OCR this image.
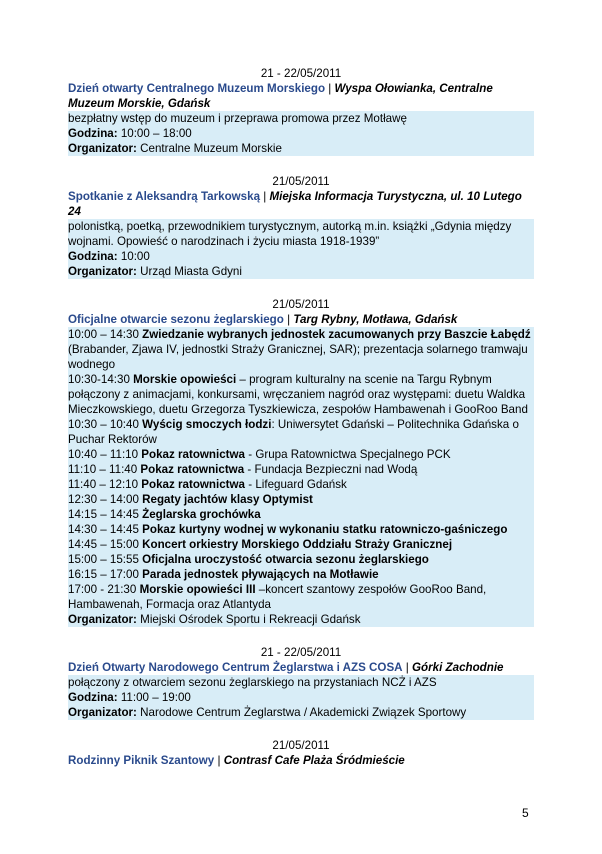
21 - 22/05/2011
Dzień otwarty Centralnego Muzeum Morskiego | Wyspa Ołowianka, Centralne Muzeum Morskie, Gdańsk
bezpłatny wstęp do muzeum i przeprawa promowa przez Motławę
Godzina: 10:00 – 18:00
Organizator: Centralne Muzeum Morskie
21/05/2011
Spotkanie z Aleksandrą Tarkowską | Miejska Informacja Turystyczna, ul. 10 Lutego 24
polonistką, poetką, przewodnikiem turystycznym, autorką m.in. książki „Gdynia między wojnami. Opowieść o narodzinach i życiu miasta 1918-1939”
Godzina: 10:00
Organizator: Urząd Miasta Gdyni
21/05/2011
Oficjalne otwarcie sezonu żeglarskiego | Targ Rybny, Motława, Gdańsk
10:00 – 14:30 Zwiedzanie wybranych jednostek zacumowanych przy Baszcie Łabędź (Brabander, Zjawa IV, jednostki Straży Granicznej, SAR); prezentacja solarnego tramwaju wodnego
10:30-14:30 Morskie opowieści – program kulturalny na scenie na Targu Rybnym połączony z animacjami, konkursami, wręczaniem nagród oraz występami: duetu Waldka Mieczkowskiego, duetu Grzegorza Tyszkiewicza, zespołów Hambawenah i GooRoo Band
10:30 – 10:40 Wyścig smoczych łodzi: Uniwersytet Gdański – Politechnika Gdańska o Puchar Rektorów
10:40 – 11:10 Pokaz ratownictwa - Grupa Ratownictwa Specjalnego PCK
11:10 – 11:40 Pokaz ratownictwa - Fundacja Bezpieczni nad Wodą
11:40 – 12:10 Pokaz ratownictwa - Lifeguard Gdańsk
12:30 – 14:00 Regaty jachtów klasy Optymist
14:15 – 14:45 Żeglarska grochówka
14:30 – 14:45 Pokaz kurtyny wodnej w wykonaniu statku ratowniczo-gaśniczego
14:45 – 15:00 Koncert orkiestry Morskiego Oddziału Straży Granicznej
15:00 – 15:55 Oficjalna uroczystość otwarcia sezonu żeglarskiego
16:15 – 17:00 Parada jednostek pływających na Motławie
17:00 - 21:30 Morskie opowieści III –koncert szantowy zespołów GooRoo Band, Hambawenah, Formacja oraz Atlantyda
Organizator: Miejski Ośrodek Sportu i Rekreacji Gdańsk
21 - 22/05/2011
Dzień Otwarty Narodowego Centrum Żeglarstwa i AZS COSA | Górki Zachodnie
połączony z otwarciem sezonu żeglarskiego na przystaniach NCŻ i AZS
Godzina: 11:00 – 19:00
Organizator: Narodowe Centrum Żeglarstwa / Akademicki Związek Sportowy
21/05/2011
Rodzinny Piknik Szantowy | Contrasf Cafe Plaża Śródmieście
5
